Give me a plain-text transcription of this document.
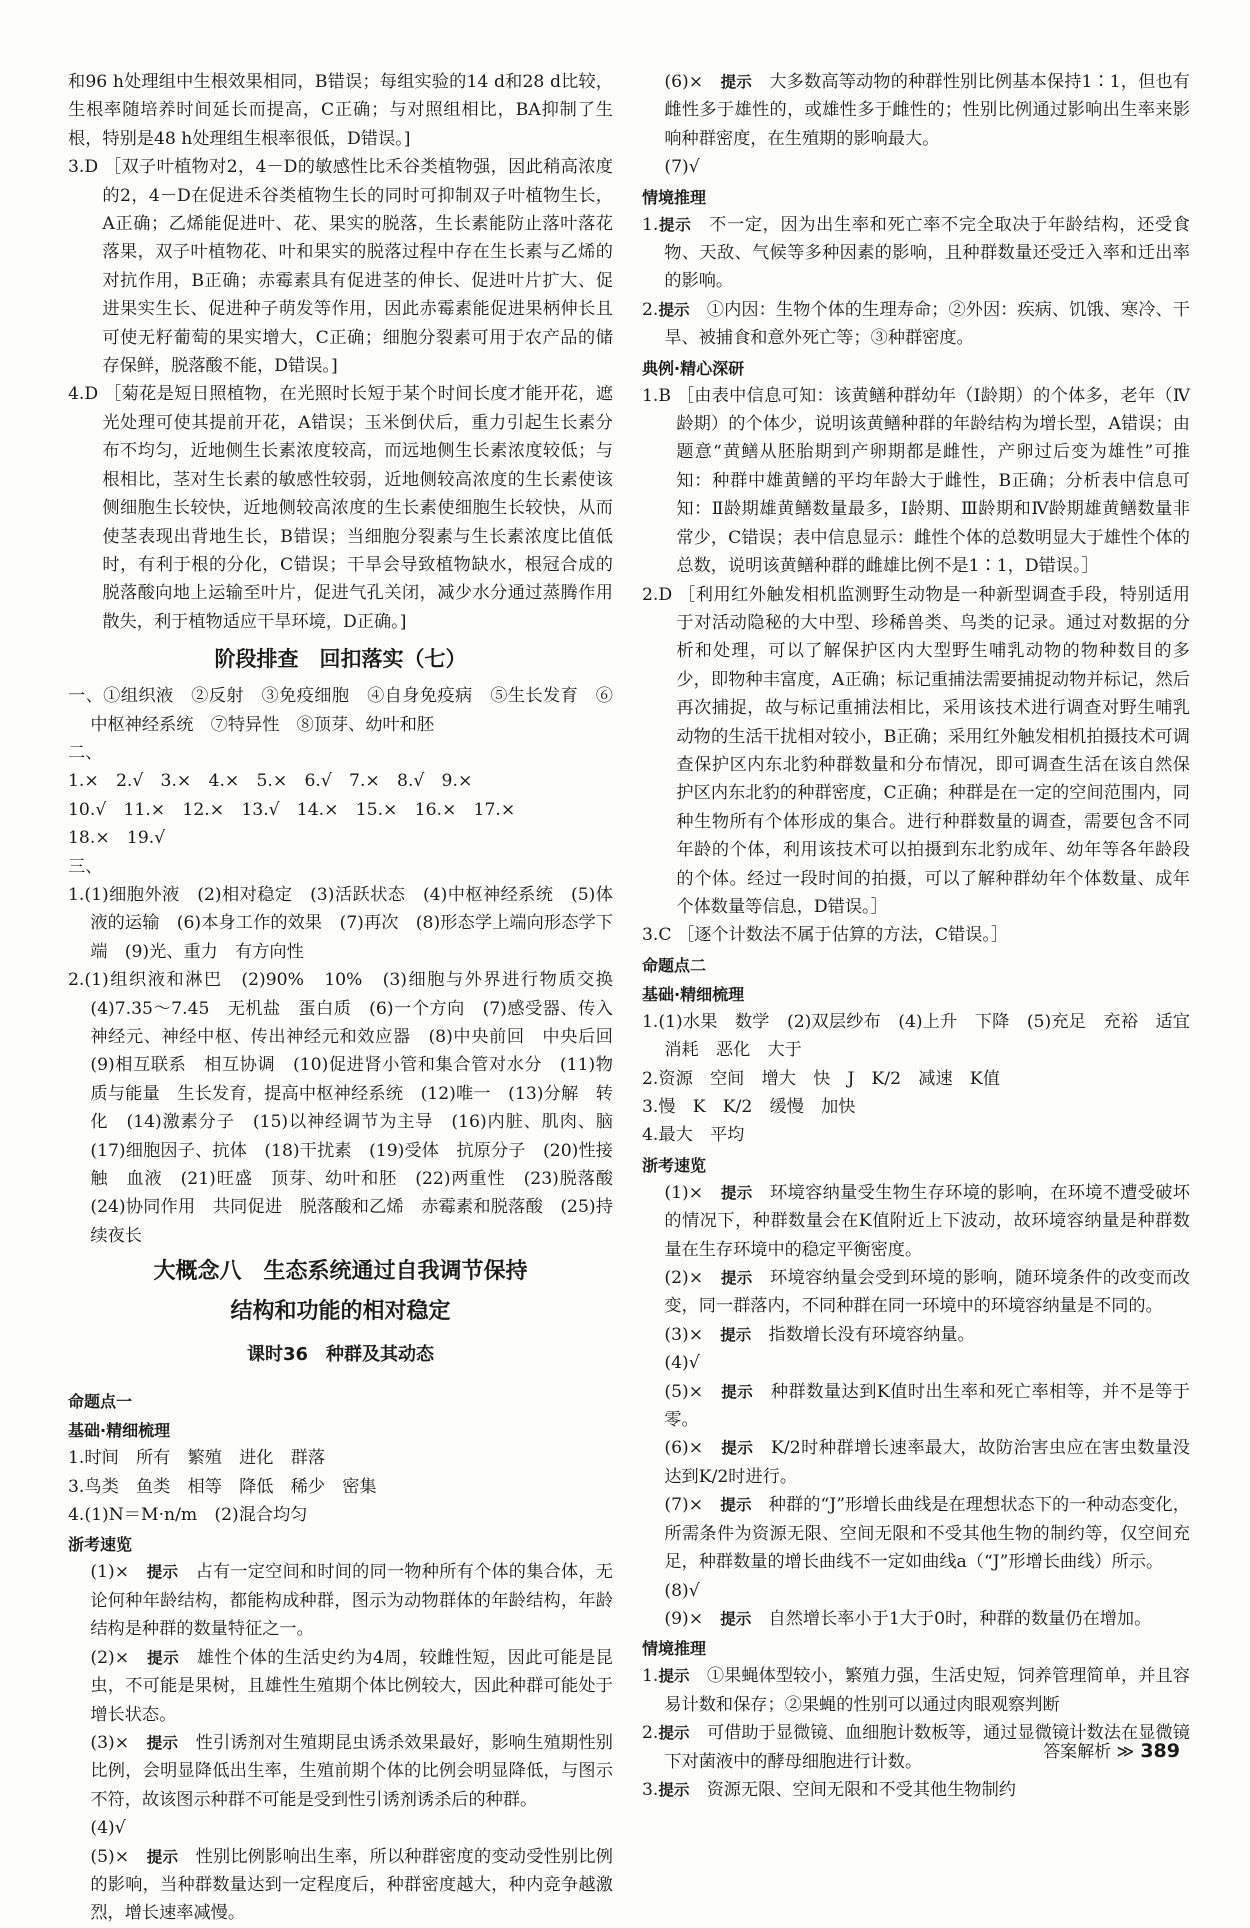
和96 h处理组中生根效果相同，B错误；每组实验的14 d和28 d比较，生根率随培养时间延长而提高，C正确；与对照组相比，BA抑制了生根，特别是48 h处理组生根率很低，D错误。]

3.D ［双子叶植物对2，4－D的敏感性比禾谷类植物强，因此稍高浓度的2，4－D在促进禾谷类植物生长的同时可抑制双子叶植物生长，A正确；乙烯能促进叶、花、果实的脱落，生长素能防止落叶落花落果，双子叶植物花、叶和果实的脱落过程中存在生长素与乙烯的对抗作用，B正确；赤霉素具有促进茎的伸长、促进叶片扩大、促进果实生长、促进种子萌发等作用，因此赤霉素能促进果柄伸长且可使无籽葡萄的果实增大，C正确；细胞分裂素可用于农产品的储存保鲜，脱落酸不能，D错误。]

4.D ［菊花是短日照植物，在光照时长短于某个时间长度才能开花，遮光处理可使其提前开花，A错误；玉米倒伏后，重力引起生长素分布不均匀，近地侧生长素浓度较高，而远地侧生长素浓度较低；与根相比，茎对生长素的敏感性较弱，近地侧较高浓度的生长素使该侧细胞生长较快，近地侧较高浓度的生长素使细胞生长较快，从而使茎表现出背地生长，B错误；当细胞分裂素与生长素浓度比值低时，有利于根的分化，C错误；干旱会导致植物缺水，根冠合成的脱落酸向地上运输至叶片，促进气孔关闭，减少水分通过蒸腾作用散失，利于植物适应干旱环境，D正确。]

阶段排查　回扣落实（七）

一、①组织液　②反射　③免疫细胞　④自身免疫病　⑤生长发育　⑥中枢神经系统　⑦特异性　⑧顶芽、幼叶和胚

二、

1.×　2.√　3.×　4.×　5.×　6.√　7.×　8.√　9.×

10.√　11.×　12.×　13.√　14.×　15.×　16.×　17.×

18.×　19.√

三、

1.(1)细胞外液　(2)相对稳定　(3)活跃状态　(4)中枢神经系统　(5)体液的运输　(6)本身工作的效果　(7)再次　(8)形态学上端向形态学下端　(9)光、重力　有方向性

2.(1)组织液和淋巴　(2)90%　10%　(3)细胞与外界进行物质交换　(4)7.35～7.45　无机盐　蛋白质　(6)一个方向　(7)感受器、传入神经元、神经中枢、传出神经元和效应器　(8)中央前回　中央后回　(9)相互联系　相互协调　(10)促进肾小管和集合管对水分　(11)物质与能量　生长发育，提高中枢神经系统　(12)唯一　(13)分解　转化　(14)激素分子　(15)以神经调节为主导　(16)内脏、肌肉、脑　(17)细胞因子、抗体　(18)干扰素　(19)受体　抗原分子　(20)性接触　血液　(21)旺盛　顶芽、幼叶和胚　(22)两重性　(23)脱落酸　(24)协同作用　共同促进　脱落酸和乙烯　赤霉素和脱落酸　(25)持续夜长

大概念八　生态系统通过自我调节保持
结构和功能的相对稳定
课时36　种群及其动态

命题点一

基础·精细梳理

1.时间　所有　繁殖　进化　群落

3.鸟类　鱼类　相等　降低　稀少　密集

4.(1)N＝M·n/m　(2)混合均匀

浙考速览

(1)×　提示　占有一定空间和时间的同一物种所有个体的集合体，无论何种年龄结构，都能构成种群，图示为动物群体的年龄结构，年龄结构是种群的数量特征之一。

(2)×　提示　雄性个体的生活史约为4周，较雌性短，因此可能是昆虫，不可能是果树，且雄性生殖期个体比例较大，因此种群可能处于增长状态。

(3)×　提示　性引诱剂对生殖期昆虫诱杀效果最好，影响生殖期性别比例，会明显降低出生率，生殖前期个体的比例会明显降低，与图示不符，故该图示种群不可能是受到性引诱剂诱杀后的种群。

(4)√

(5)×　提示　性别比例影响出生率，所以种群密度的变动受性别比例的影响，当种群数量达到一定程度后，种群密度越大，种内竞争越激烈，增长速率减慢。

(6)×　提示　大多数高等动物的种群性别比例基本保持1∶1，但也有雌性多于雄性的，或雄性多于雌性的；性别比例通过影响出生率来影响种群密度，在生殖期的影响最大。

(7)√

情境推理

1.提示　不一定，因为出生率和死亡率不完全取决于年龄结构，还受食物、天敌、气候等多种因素的影响，且种群数量还受迁入率和迁出率的影响。

2.提示　①内因：生物个体的生理寿命；②外因：疾病、饥饿、寒冷、干旱、被捕食和意外死亡等；③种群密度。

典例·精心深研

1.B ［由表中信息可知：该黄鳝种群幼年（Ⅰ龄期）的个体多，老年（Ⅳ龄期）的个体少，说明该黄鳝种群的年龄结构为增长型，A错误；由题意“黄鳝从胚胎期到产卵期都是雌性，产卵过后变为雄性”可推知：种群中雄黄鳝的平均年龄大于雌性，B正确；分析表中信息可知：Ⅱ龄期雄黄鳝数量最多，Ⅰ龄期、Ⅲ龄期和Ⅳ龄期雄黄鳝数量非常少，C错误；表中信息显示：雌性个体的总数明显大于雄性个体的总数，说明该黄鳝种群的雌雄比例不是1∶1，D错误。］

2.D ［利用红外触发相机监测野生动物是一种新型调查手段，特别适用于对活动隐秘的大中型、珍稀兽类、鸟类的记录。通过对数据的分析和处理，可以了解保护区内大型野生哺乳动物的物种数目的多少，即物种丰富度，A正确；标记重捕法需要捕捉动物并标记，然后再次捕捉，故与标记重捕法相比，采用该技术进行调查对野生哺乳动物的生活干扰相对较小，B正确；采用红外触发相机拍摄技术可调查保护区内东北豹种群数量和分布情况，即可调查生活在该自然保护区内东北豹的种群密度，C正确；种群是在一定的空间范围内，同种生物所有个体形成的集合。进行种群数量的调查，需要包含不同年龄的个体，利用该技术可以拍摄到东北豹成年、幼年等各年龄段的个体。经过一段时间的拍摄，可以了解种群幼年个体数量、成年个体数量等信息，D错误。］

3.C ［逐个计数法不属于估算的方法，C错误。］

命题点二

基础·精细梳理

1.(1)水果　数学　(2)双层纱布　(4)上升　下降　(5)充足　充裕　适宜　消耗　恶化　大于

2.资源　空间　增大　快　J　K/2　减速　K值

3.慢　K　K/2　缓慢　加快

4.最大　平均

浙考速览

(1)×　提示　环境容纳量受生物生存环境的影响，在环境不遭受破坏的情况下，种群数量会在K值附近上下波动，故环境容纳量是种群数量在生存环境中的稳定平衡密度。

(2)×　提示　环境容纳量会受到环境的影响，随环境条件的改变而改变，同一群落内，不同种群在同一环境中的环境容纳量是不同的。

(3)×　提示　指数增长没有环境容纳量。

(4)√

(5)×　提示　种群数量达到K值时出生率和死亡率相等，并不是等于零。

(6)×　提示　K/2时种群增长速率最大，故防治害虫应在害虫数量没达到K/2时进行。

(7)×　提示　种群的“J”形增长曲线是在理想状态下的一种动态变化，所需条件为资源无限、空间无限和不受其他生物的制约等，仅空间充足，种群数量的增长曲线不一定如曲线a（“J”形增长曲线）所示。

(8)√

(9)×　提示　自然增长率小于1大于0时，种群的数量仍在增加。

情境推理

1.提示　①果蝇体型较小，繁殖力强，生活史短，饲养管理简单，并且容易计数和保存；②果蝇的性别可以通过肉眼观察判断

2.提示　可借助于显微镜、血细胞计数板等，通过显微镜计数法在显微镜下对菌液中的酵母细胞进行计数。

3.提示　资源无限、空间无限和不受其他生物制约

答案解析 ≫ 389
